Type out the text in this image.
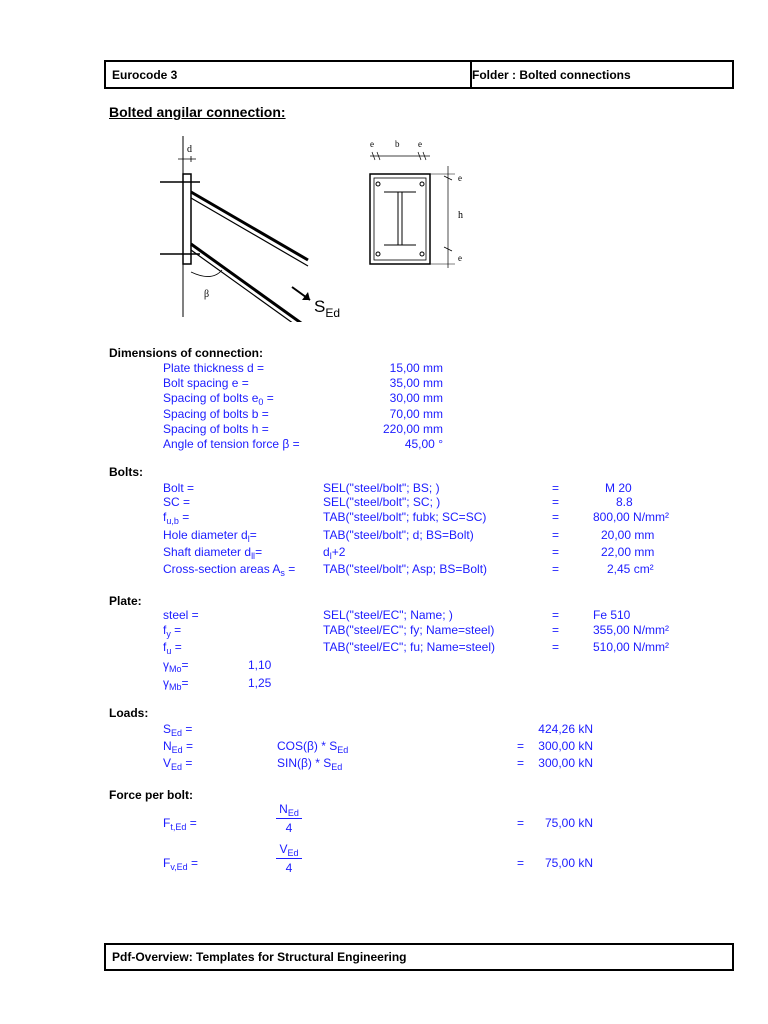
Eurocode 3	Folder : Bolted connections
Bolted angilar connection:
d
β
$S_{Ed}$
e b e
e
h
e
Dimensions of connection:
Plate thickness d =	15,00 mm
Bolt spacing e =	35,00 mm
Spacing of bolts $e_0$ =	30,00 mm
Spacing of bolts b =	70,00 mm
Spacing of bolts h =	220,00 mm
Angle of tension force β =	45,00 °
Bolts:
Bolt =	SEL("steel/bolt"; BS; )	=	M 20
SC =	SEL("steel/bolt"; SC; )	=	8.8
$f_{u,b}$ =	TAB("steel/bolt"; fubk; SC=SC)	=	800,00 N/mm²
Hole diameter $d_l=$	TAB("steel/bolt"; d; BS=Bolt)	=	20,00 mm
Shaft diameter $d_{ll}=$	$d_l+2$	=	22,00 mm
Cross-section areas $A_s$ = TAB("steel/bolt"; Asp; BS=Bolt)	=	2,45 cm²
Plate:
steel =	SEL("steel/EC"; Name; )	=	Fe 510
$f_y$ =	TAB("steel/EC"; fy; Name=steel)	=	355,00 N/mm²
$f_u$ =	TAB("steel/EC"; fu; Name=steel)	=	510,00 N/mm²
$\gamma_{Mo}=$	1,10
$\gamma_{Mb}=$	1,25
Loads:
$S_{Ed}$ =	424,26 kN
$N_{Ed}$ =	$COS(\beta) * S_{Ed}$	=	300,00 kN
$V_{Ed}$ =	$SIN(\beta) * S_{Ed}$	=	300,00 kN
Force per bolt:
$F_{t,Ed}$ =
$N_{Ed}$
4	=	75,00 kN
$F_{v,Ed}$ =
$V_{Ed}$
4	=	75,00 kN
Pdf-Overview: Templates for Structural Engineering
